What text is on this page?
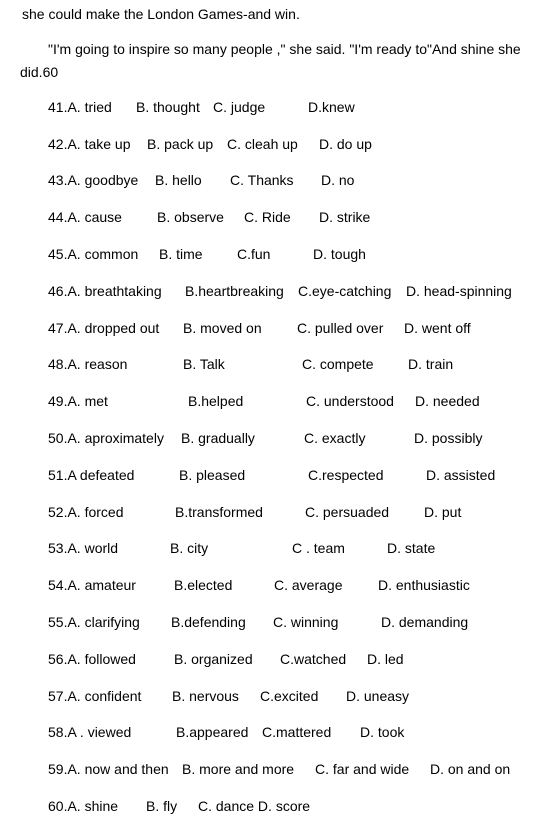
she could make the London Games-and win.
"I'm going to inspire so many people ," she said. "I'm ready to"And shine she
did.60
41.A. tried B. thought C. judge	D.knew
42.A. take up B. pack up C. cleah up D. do up
43.A. goodbye B. hello C. Thanks D. no
44.A. cause	B. observe C. Ride D. strike
45.A. common B. time C.fun	D. tough
46.A. breathtaking B.heartbreaking C.eye-catching D. head-spinning
47.A. dropped out B. moved on	C. pulled over D. went off
48.A. reason	B. Talk	C. compete D. train
49.A. met	B.helped	C. understood D. needed
50.A. aproximately B. gradually	C. exactly	D. possibly
51.A defeated	B. pleased	C.respected	D. assisted
52.A. forced	B.transformed	C. persuaded D. put
53.A. world	B. city	C . team	D. state
54.A. amateur	B.elected	C. average	D. enthusiastic
55.A. clarifying B.defending C. winning	D. demanding
56.A. followed	B. organized C.watched D. led
57.A. confident B. nervous C.excited D. uneasy
58.A . viewed	B.appeared C.mattered D. took
59.A. now and then B. more and more C. far and wide D. on and on
60.A. shine B. fly C. dance D. score
